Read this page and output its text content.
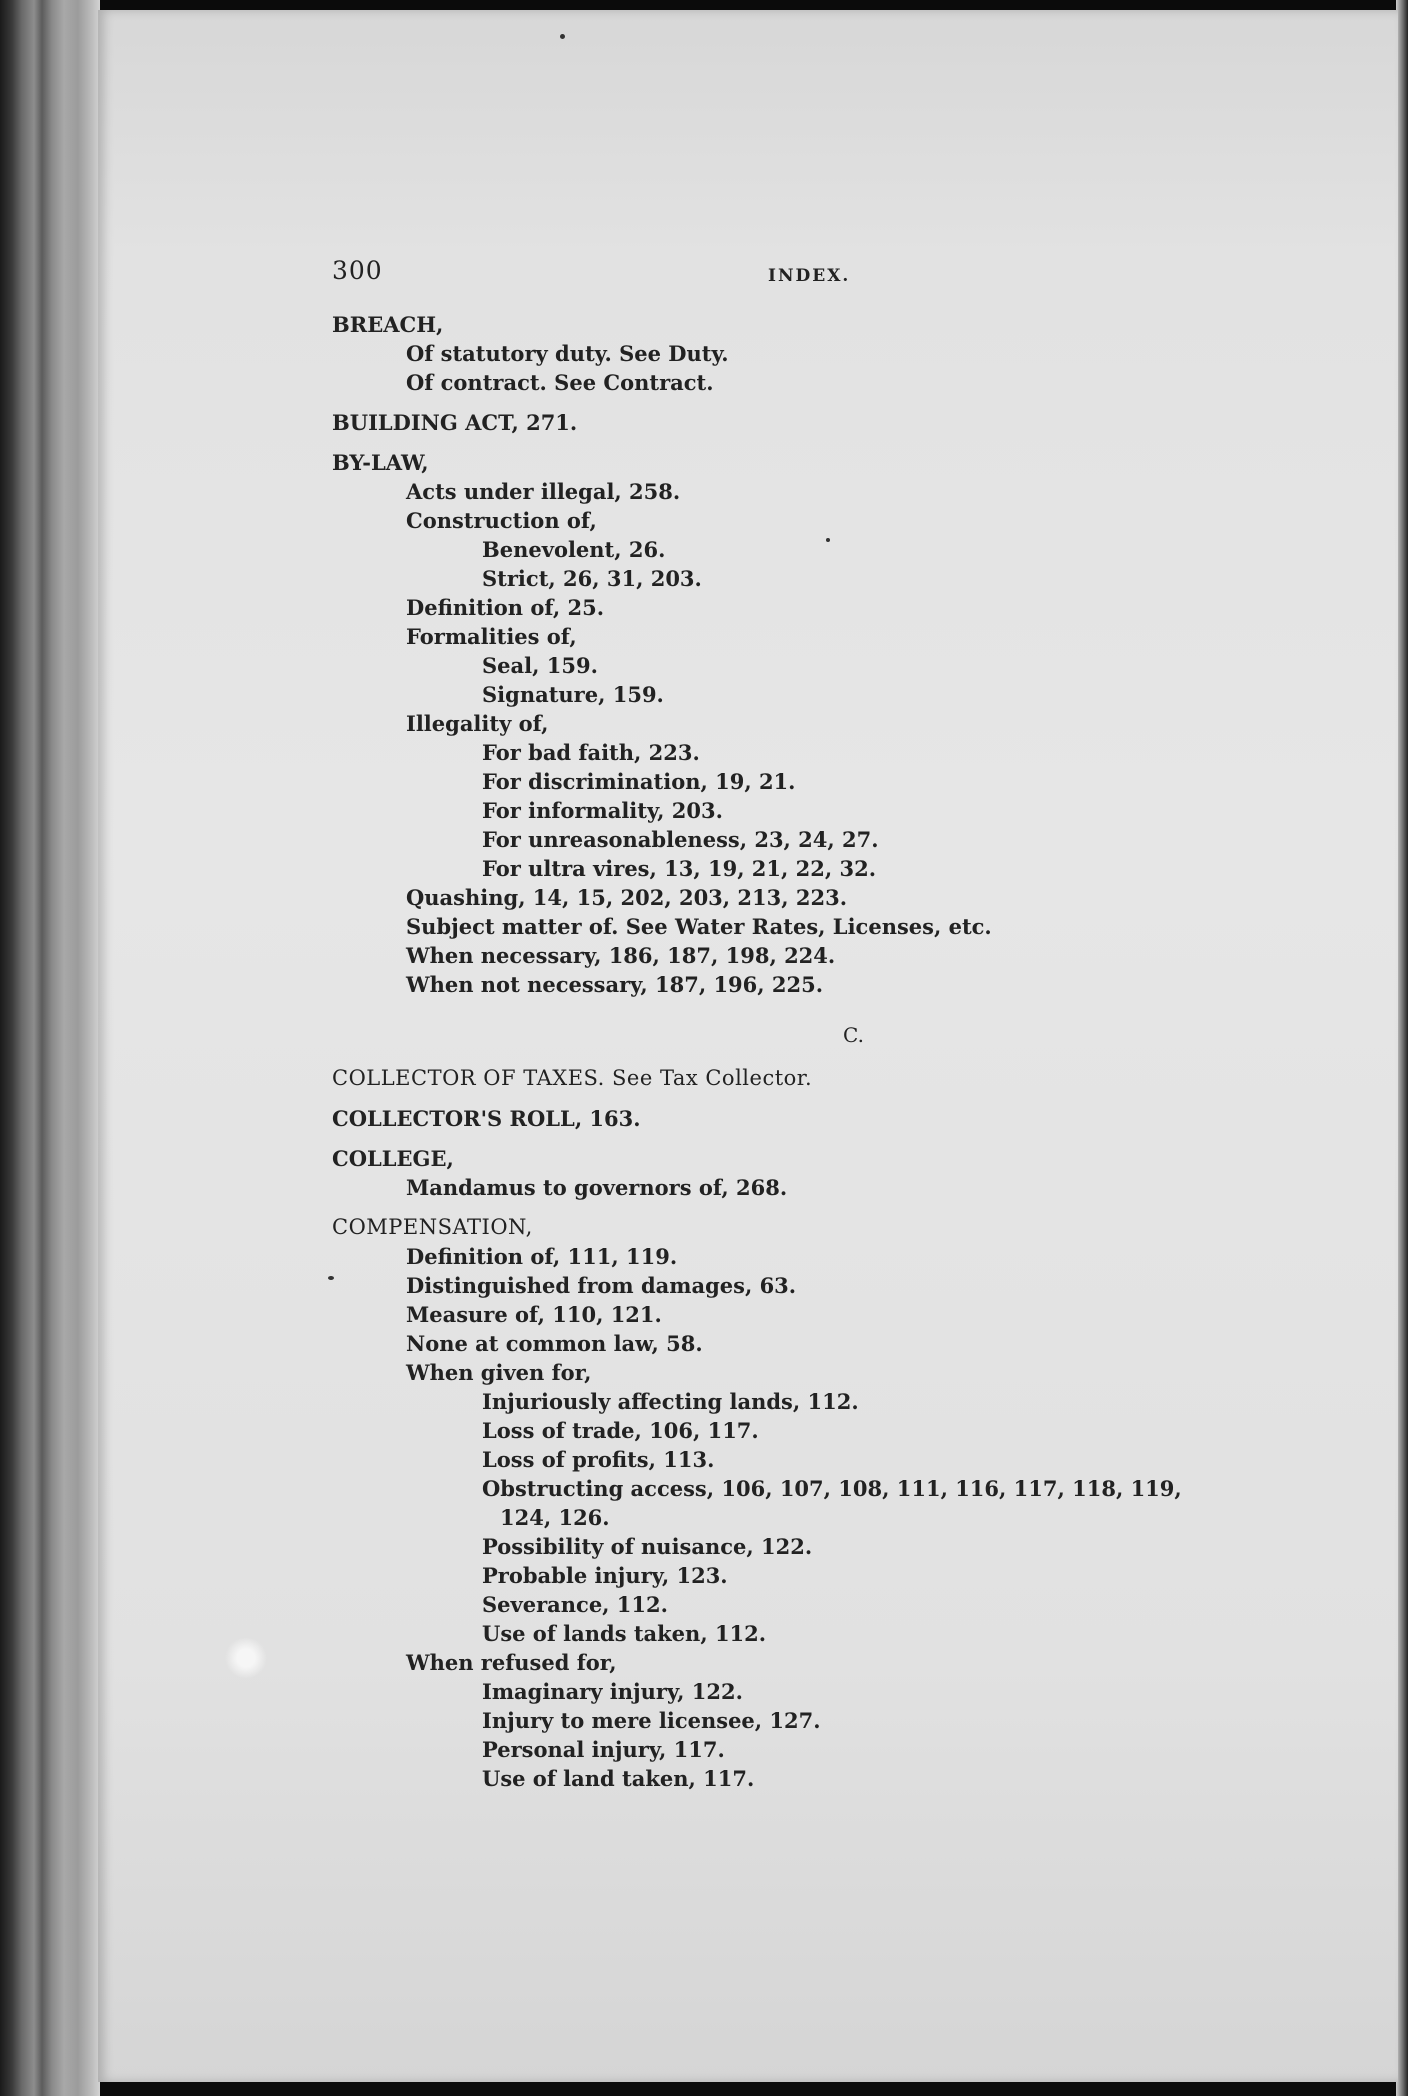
300	INDEX.
BREACH,
Of statutory duty. See Duty.
Of contract. See Contract.
BUILDING ACT, 271.
BY-LAW,
Acts under illegal, 258.
Construction of,
Benevolent, 26.
Strict, 26, 31, 203.
Definition of, 25.
Formalities of,
Seal, 159.
Signature, 159.
Illegality of,
For bad faith, 223.
For discrimination, 19, 21.
For informality, 203.
For unreasonableness, 23, 24, 27.
For ultra vires, 13, 19, 21, 22, 32.
Quashing, 14, 15, 202, 203, 213, 223.
Subject matter of. See Water Rates, Licenses, etc.
When necessary, 186, 187, 198, 224.
When not necessary, 187, 196, 225.
C.
COLLECTOR OF TAXES. See Tax Collector.
COLLECTOR'S ROLL, 163.
COLLEGE,
Mandamus to governors of, 268.
COMPENSATION,
Definition of, 111, 119.
Distinguished from damages, 63.
Measure of, 110, 121.
None at common law, 58.
When given for,
Injuriously affecting lands, 112.
Loss of trade, 106, 117.
Loss of profits, 113.
Obstructing access, 106, 107, 108, 111, 116, 117, 118, 119,
124, 126.
Possibility of nuisance, 122.
Probable injury, 123.
Severance, 112.
Use of lands taken, 112.
When refused for,
Imaginary injury, 122.
Injury to mere licensee, 127.
Personal injury, 117.
Use of land taken, 117.
